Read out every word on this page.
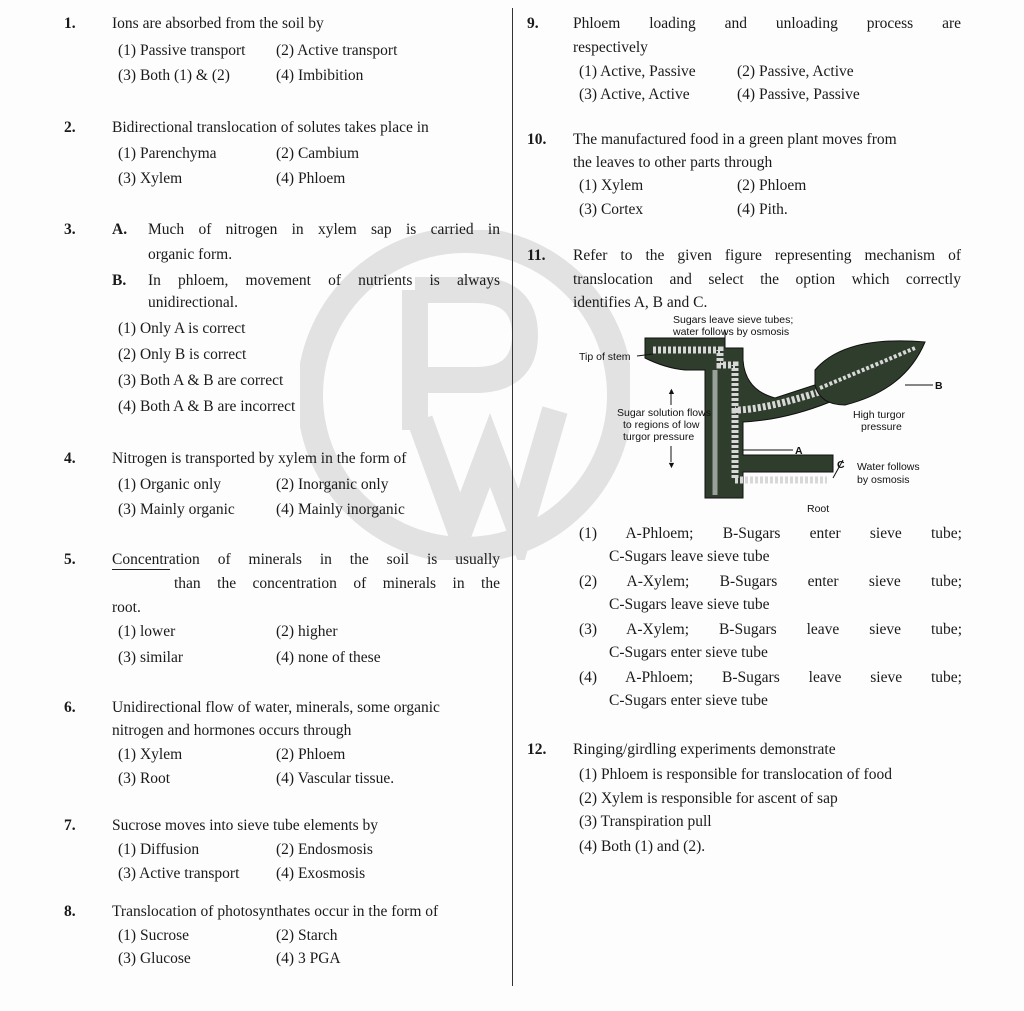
1. Ions are absorbed from the soil by
(1) Passive transport (2) Active transport
(3) Both (1) & (2)	(4) Imbibition
2. Bidirectional translocation of solutes takes place in
(1) Parenchyma	(2) Cambium
(3) Xylem	(4) Phloem
3. A. Much of nitrogen in xylem sap is carried in
organic form.
B. In phloem, movement of nutrients is always
unidirectional.
(1) Only A is correct
(2) Only B is correct
(3) Both A & B are correct
(4) Both A & B are incorrect
4. Nitrogen is transported by xylem in the form of
(1) Organic only	(2) Inorganic only
(3) Mainly organic	(4) Mainly inorganic
5. Concentration of minerals in the soil is usually
than the concentration of minerals in the
root.
(1) lower	(2) higher
(3) similar	(4) none of these
6. Unidirectional flow of water, minerals, some organic
nitrogen and hormones occurs through
(1) Xylem	(2) Phloem
(3) Root	(4) Vascular tissue.
7. Sucrose moves into sieve tube elements by
(1) Diffusion	(2) Endosmosis
(3) Active transport (4) Exosmosis
8. Translocation of photosynthates occur in the form of
(1) Sucrose	(2) Starch
(3) Glucose	(4) 3 PGA
9. Phloem loading and unloading process are
respectively
(1) Active, Passive	(2) Passive, Active
(3) Active, Active	(4) Passive, Passive
10. The manufactured food in a green plant moves from
the leaves to other parts through
(1) Xylem	(2) Phloem
(3) Cortex	(4) Pith.
11. Refer to the given figure representing mechanism of
translocation and select the option which correctly
identifies A, B and C.
Sugars leave sieve tubes;
water follows by osmosis
Tip of stem
▲
Sugar solution flows
to regions of low
turgor pressure
▼
A
B
High turgor
pressure
C Water follows
by osmosis
Root
(1) A-Phloem; B-Sugars enter sieve tube;
C-Sugars leave sieve tube
(2) A-Xylem; B-Sugars enter sieve tube;
C-Sugars leave sieve tube
(3) A-Xylem; B-Sugars leave sieve tube;
C-Sugars enter sieve tube
(4) A-Phloem; B-Sugars leave sieve tube;
C-Sugars enter sieve tube
12. Ringing/girdling experiments demonstrate
(1) Phloem is responsible for translocation of food
(2) Xylem is responsible for ascent of sap
(3) Transpiration pull
(4) Both (1) and (2).
